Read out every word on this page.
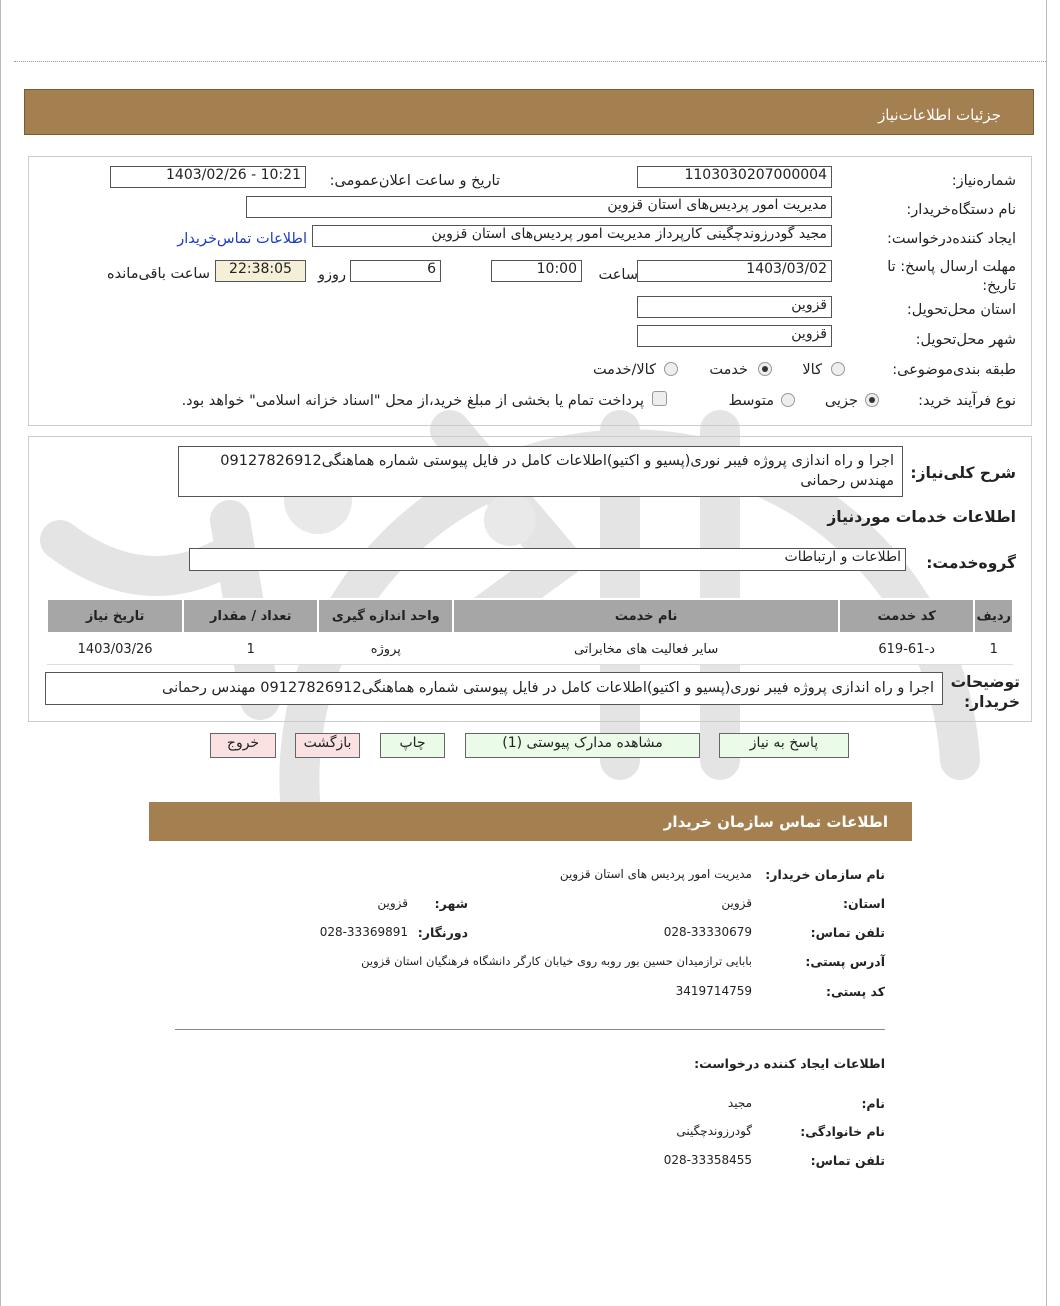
جزئیات اطلاعات‌نیاز
شماره‌نیاز:
1103030207000004
تاریخ و ساعت اعلان‌عمومی:
1403/02/26 - 10:21
نام دستگاه‌خریدار:
مدیریت امور پردیس‌های استان قزوین
ایجاد کننده‌درخواست:
مجید گودرزوندچگینی کارپرداز مدیریت امور پردیس‌های استان قزوین
اطلاعات تماس‌خریدار
مهلت ارسال پاسخ: تا تاریخ:
1403/03/02
ساعت
10:00
6
روزو
22:38:05
ساعت باقی‌مانده
استان محل‌تحویل:
قزوین
شهر محل‌تحویل:
قزوین
طبقه بندی‌موضوعی:
کالا
خدمت
کالا/خدمت
نوع فرآیند خرید:
جزیی
متوسط
پرداخت تمام یا بخشی از مبلغ خرید،از محل "اسناد خزانه اسلامی" خواهد بود.
شرح کلی‌نیاز:
اجرا و راه اندازی پروژه فیبر نوری(پسیو و اکتیو)اطلاعات کامل در فایل پیوستی شماره هماهنگی09127826912 مهندس رحمانی
اطلاعات خدمات موردنیاز
گروه‌خدمت:
اطلاعات و ارتباطات
ردیف	کد خدمت	نام خدمت	واحد اندازه گیری	تعداد / مقدار	تاریخ نیاز
1	د-61-619	سایر فعالیت های مخابراتی	پروژه	1	1403/03/26
توضیحات خریدار:
اجرا و راه اندازی پروژه فیبر نوری(پسیو و اکتیو)اطلاعات کامل در فایل پیوستی شماره هماهنگی09127826912 مهندس رحمانی
پاسخ به نیاز
مشاهده مدارک پیوستی (1)
چاپ
بازگشت
خروج
اطلاعات تماس سازمان خریدار
نام سازمان خریدار:
مدیریت امور پردیس های استان قزوین
استان:
قزوین
شهر:
قزوین
تلفن تماس:
028-33330679
دورنگار:
028-33369891
آدرس پستی:
بابایی ترازمیدان حسین بور روبه روی خیابان کارگر دانشگاه فرهنگیان استان قزوین
کد پستی:
3419714759
اطلاعات ایجاد کننده درخواست:
نام:
مجید
نام خانوادگی:
گودرزوندچگینی
تلفن تماس:
028-33358455
